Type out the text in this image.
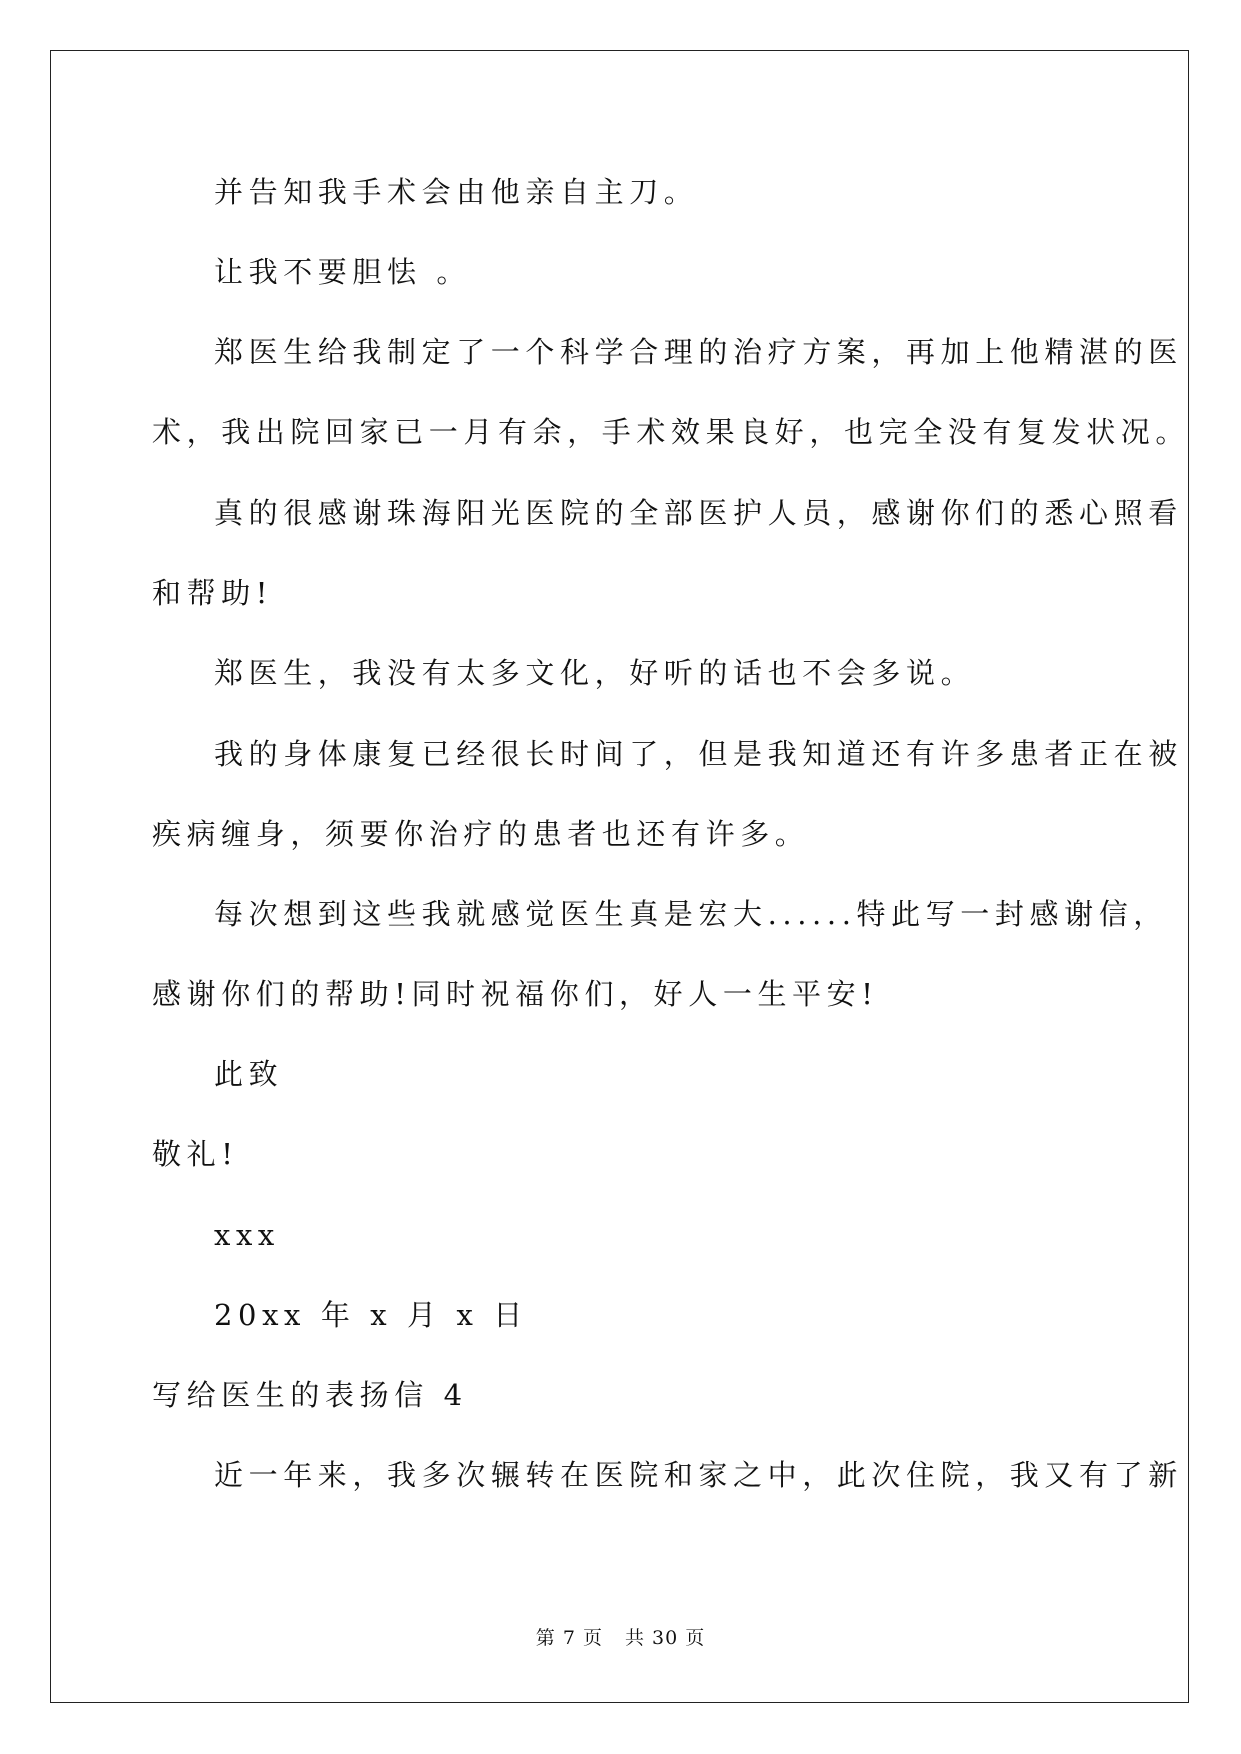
并告知我手术会由他亲自主刀。
让我不要胆怯 。
郑医生给我制定了一个科学合理的治疗方案，再加上他精湛的医
术，我出院回家已一月有余，手术效果良好，也完全没有复发状况。
真的很感谢珠海阳光医院的全部医护人员，感谢你们的悉心照看
和帮助!
郑医生，我没有太多文化，好听的话也不会多说。
我的身体康复已经很长时间了，但是我知道还有许多患者正在被
疾病缠身，须要你治疗的患者也还有许多。
每次想到这些我就感觉医生真是宏大......特此写一封感谢信，
感谢你们的帮助!同时祝福你们，好人一生平安!
此致
敬礼!
xxx
20xx 年 x 月 x 日
写给医生的表扬信 4
近一年来，我多次辗转在医院和家之中，此次住院，我又有了新
第 7 页 共 30 页
